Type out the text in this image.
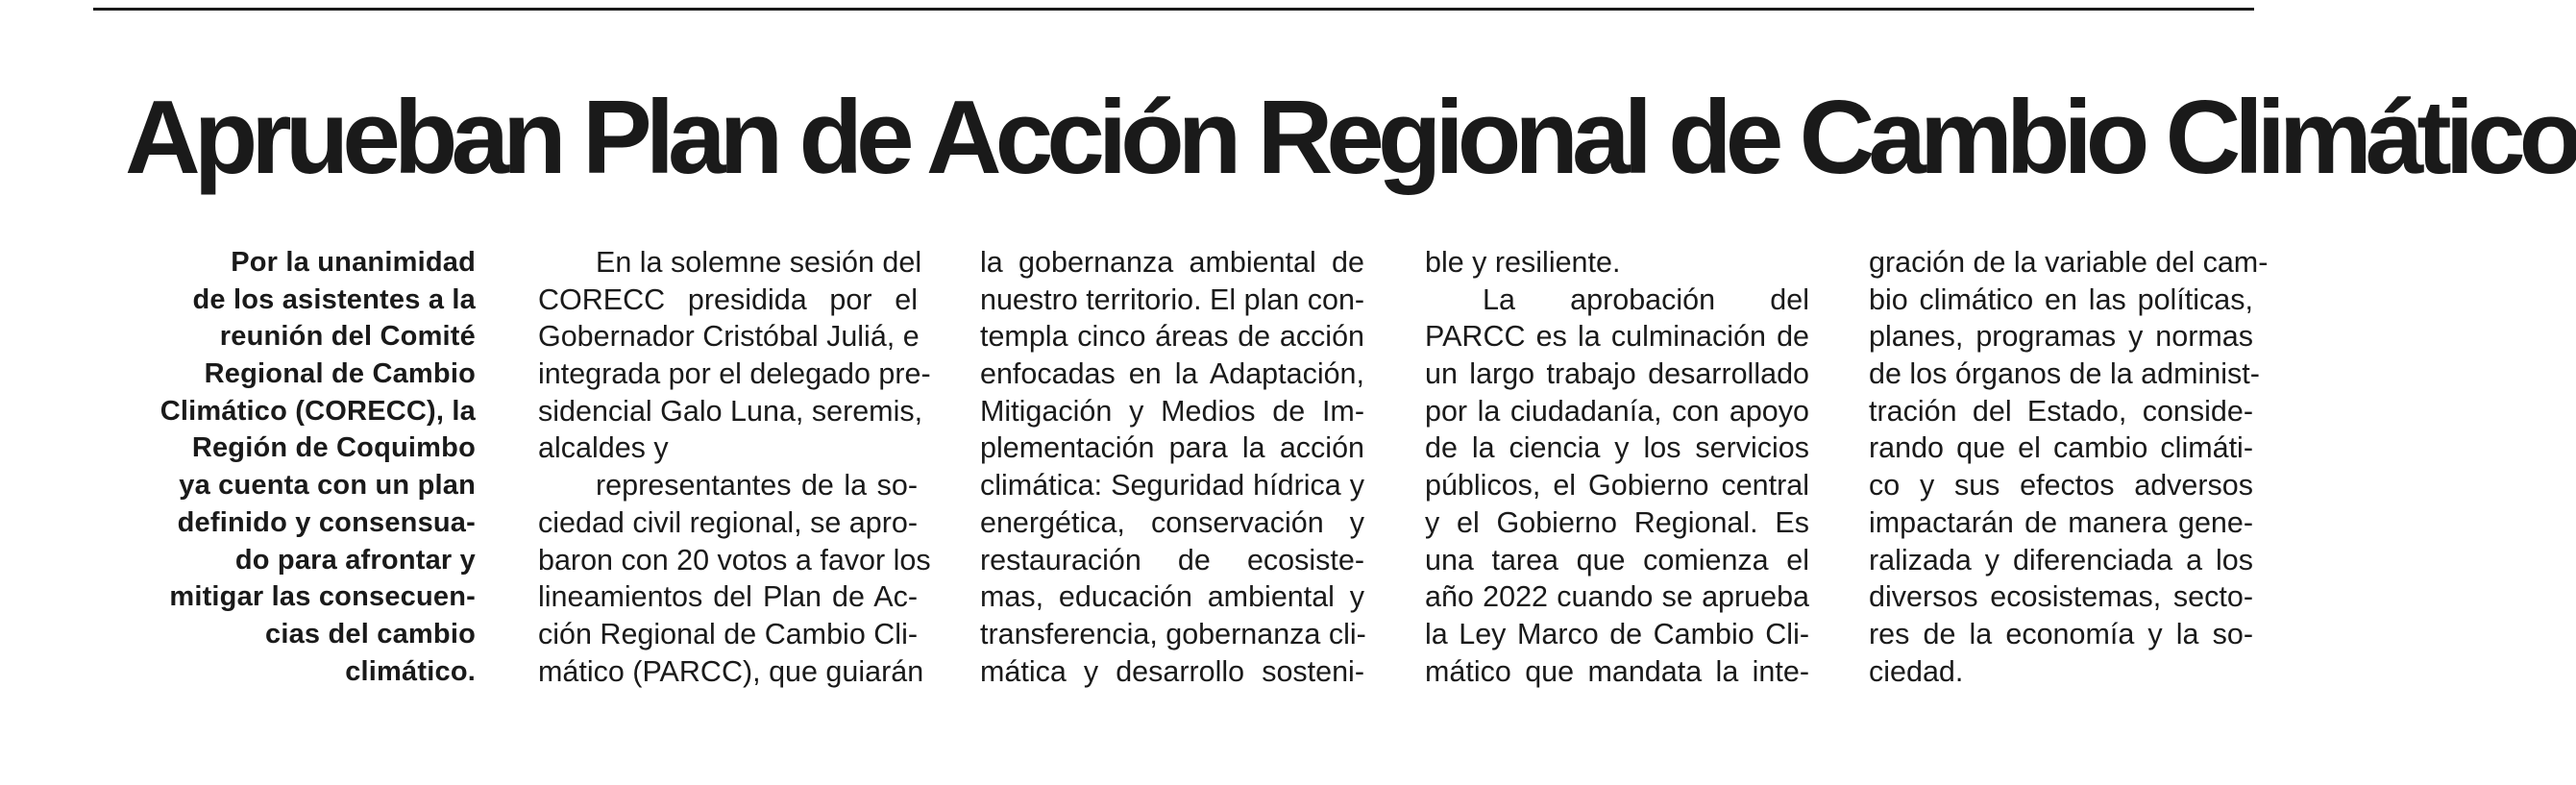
Aprueban Plan de Acción Regional de Cambio Climático
Por la unanimidad
de los asistentes a la
reunión del Comité
Regional de Cambio
Climático (CORECC), la
Región de Coquimbo
ya cuenta con un plan
definido y consensua-
do para afrontar y
mitigar las consecuen-
cias del cambio
climático.
En la solemne sesión del
CORECC presidida por el
Gobernador Cristóbal Juliá, e
integrada por el delegado pre-
sidencial Galo Luna, seremis,
alcaldes y
representantes de la so-
ciedad civil regional, se apro-
baron con 20 votos a favor los
lineamientos del Plan de Ac-
ción Regional de Cambio Cli-
mático (PARCC), que guiarán
la gobernanza ambiental de
nuestro territorio. El plan con-
templa cinco áreas de acción
enfocadas en la Adaptación,
Mitigación y Medios de Im-
plementación para la acción
climática: Seguridad hídrica y
energética, conservación y
restauración de ecosiste-
mas, educación ambiental y
transferencia, gobernanza cli-
mática y desarrollo sosteni-
ble y resiliente.
La aprobación del
PARCC es la culminación de
un largo trabajo desarrollado
por la ciudadanía, con apoyo
de la ciencia y los servicios
públicos, el Gobierno central
y el Gobierno Regional. Es
una tarea que comienza el
año 2022 cuando se aprueba
la Ley Marco de Cambio Cli-
mático que mandata la inte-
gración de la variable del cam-
bio climático en las políticas,
planes, programas y normas
de los órganos de la administ-
tración del Estado, conside-
rando que el cambio climáti-
co y sus efectos adversos
impactarán de manera gene-
ralizada y diferenciada a los
diversos ecosistemas, secto-
res de la economía y la so-
ciedad.
